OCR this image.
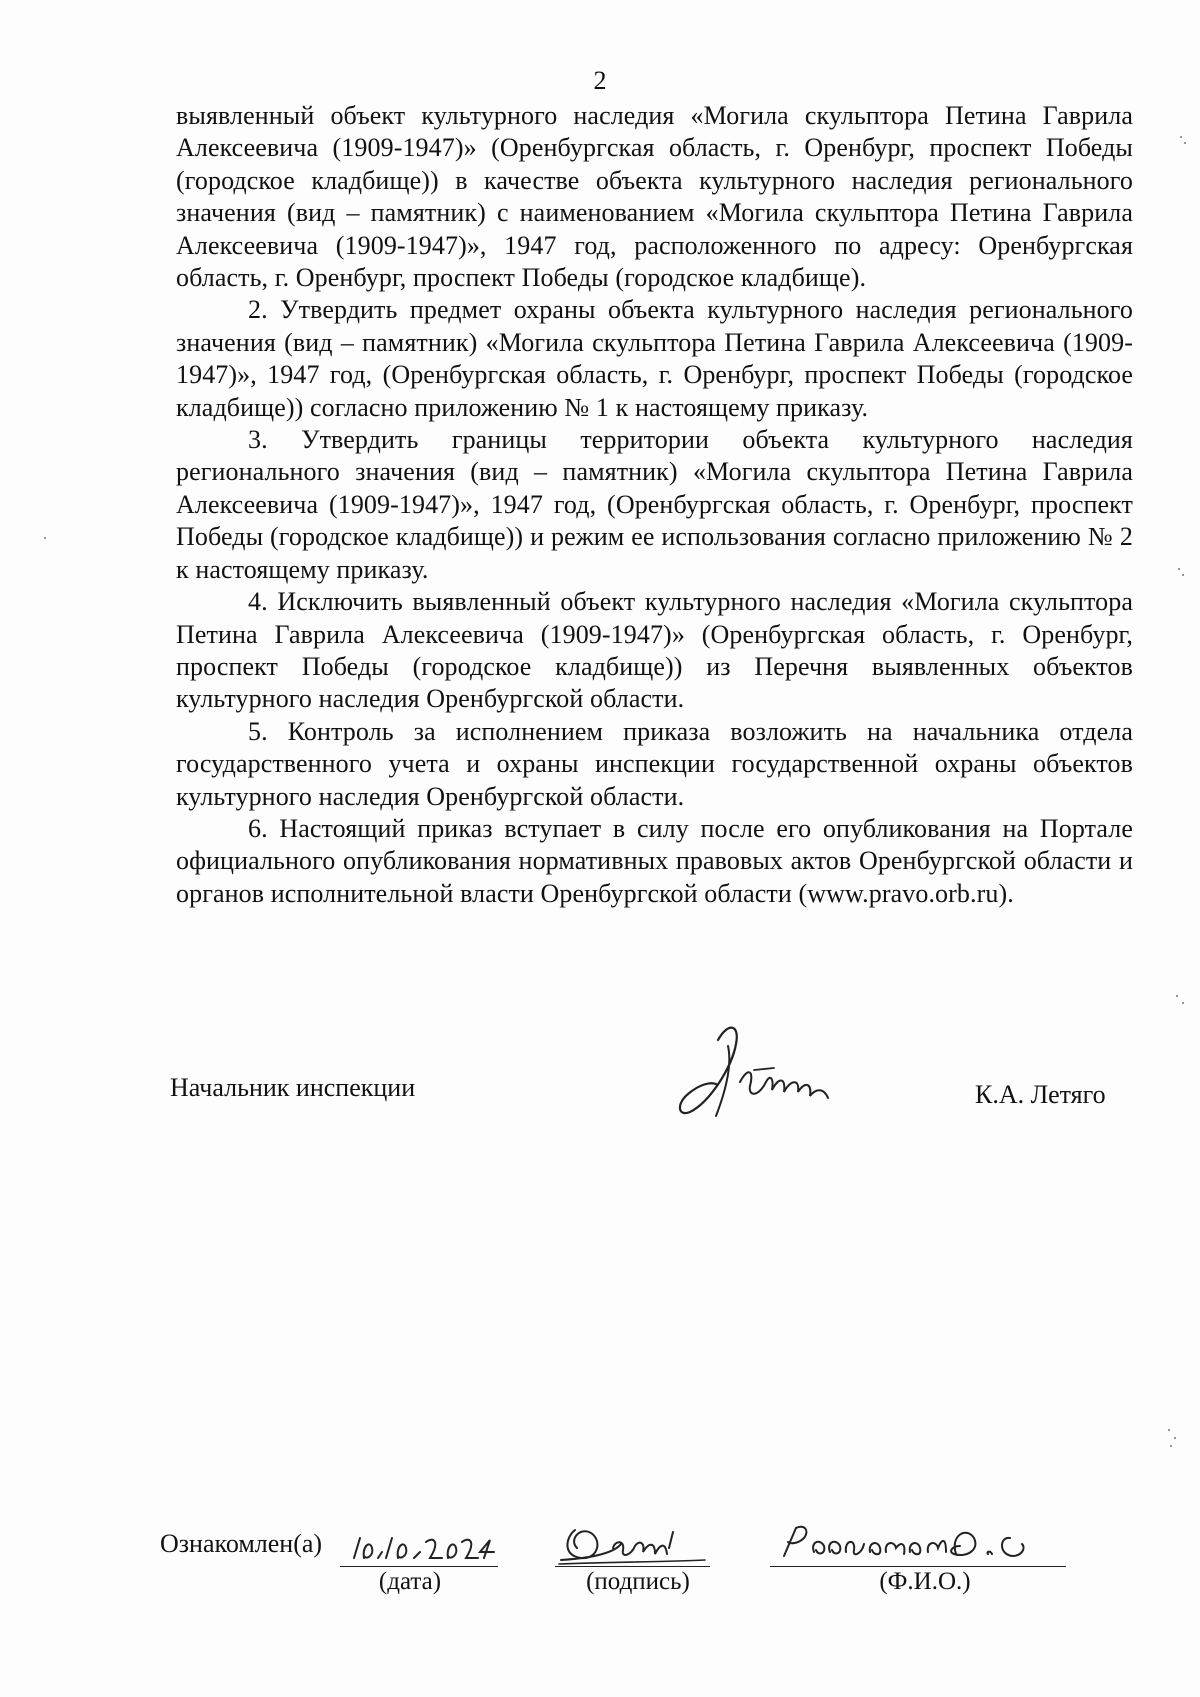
2

выявленный объект культурного наследия «Могила скульптора Петина Гаврила Алексеевича (1909-1947)» (Оренбургская область, г. Оренбург, проспект Победы (городское кладбище)) в качестве объекта культурного наследия регионального значения (вид – памятник) с наименованием «Могила скульптора Петина Гаврила Алексеевича (1909-1947)», 1947 год, расположенного по адресу: Оренбургская область, г. Оренбург, проспект Победы (городское кладбище).

2. Утвердить предмет охраны объекта культурного наследия регионального значения (вид – памятник) «Могила скульптора Петина Гаврила Алексеевича (1909-1947)», 1947 год, (Оренбургская область, г. Оренбург, проспект Победы (городское кладбище)) согласно приложению № 1 к настоящему приказу.

3. Утвердить границы территории объекта культурного наследия регионального значения (вид – памятник) «Могила скульптора Петина Гаврила Алексеевича (1909-1947)», 1947 год, (Оренбургская область, г. Оренбург, проспект Победы (городское кладбище)) и режим ее использования согласно приложению № 2 к настоящему приказу.

4. Исключить выявленный объект культурного наследия «Могила скульптора Петина Гаврила Алексеевича (1909-1947)» (Оренбургская область, г. Оренбург, проспект Победы (городское кладбище)) из Перечня выявленных объектов культурного наследия Оренбургской области.

5. Контроль за исполнением приказа возложить на начальника отдела государственного учета и охраны инспекции государственной охраны объектов культурного наследия Оренбургской области.

6. Настоящий приказ вступает в силу после его опубликования на Портале официального опубликования нормативных правовых актов Оренбургской области и органов исполнительной власти Оренбургской области (www.pravo.orb.ru).

Начальник инспекции	К.А. Летяго
Ознакомлен(а)
(дата)	(подпись)	(Ф.И.О.)
